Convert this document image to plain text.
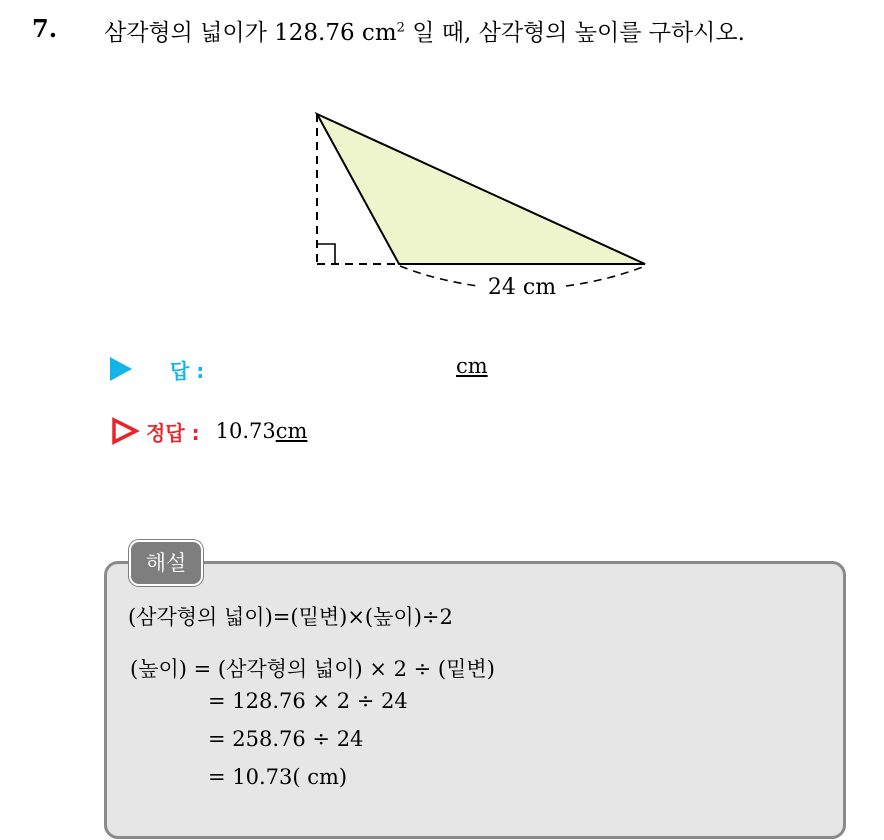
7. 삼각형의 넓이가 128.76 $cm^2$ 일 때, 삼각형의 높이를 구하시오.
24 cm
답 :	cm
정답 : 10.73 cm
해설
(삼각형의 넓이)=(밑변)×(높이)÷2
(높이) = (삼각형의 넓이) × 2 ÷ (밑변)
= 128.76 × 2 ÷ 24
= 258.76 ÷ 24
= 10.73( cm)
